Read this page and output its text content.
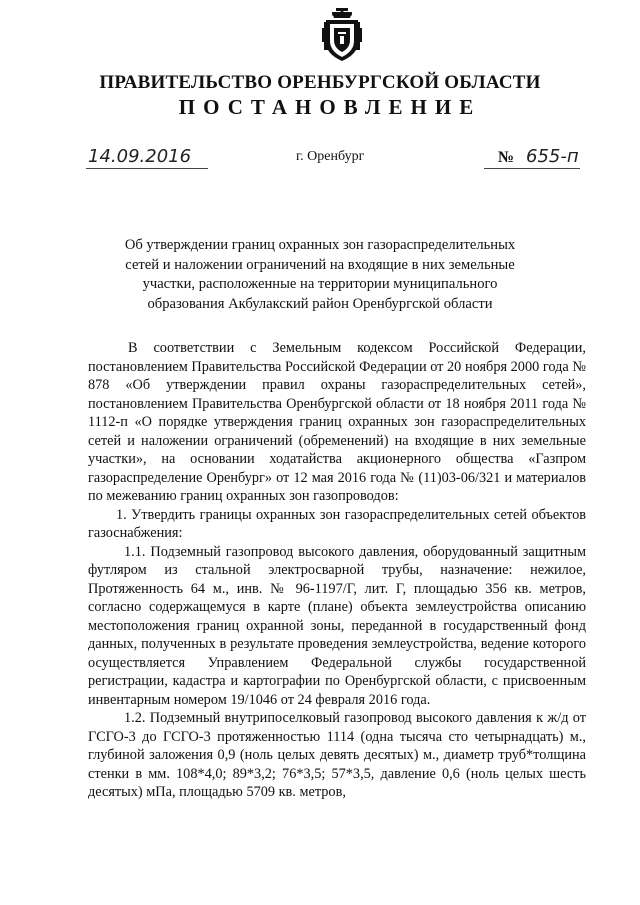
ПРАВИТЕЛЬСТВО ОРЕНБУРГСКОЙ ОБЛАСТИ
ПОСТАНОВЛЕНИЕ
14.09.2016	г. Оренбург	№ 655-п
Об утверждении границ охранных зон газораспределительных сетей и наложении ограничений на входящие в них земельные участки, расположенные на территории муниципального образования Акбулакский район Оренбургской области

В соответствии с Земельным кодексом Российской Федерации, постановлением Правительства Российской Федерации от 20 ноября 2000 года № 878 «Об утверждении правил охраны газораспределительных сетей», постановлением Правительства Оренбургской области от 18 ноября 2011 года № 1112-п «О порядке утверждения границ охранных зон газораспределительных сетей и наложении ограничений (обременений) на входящие в них земельные участки», на основании ходатайства акционерного общества «Газпром газораспределение Оренбург» от 12 мая 2016 года № (11)03-06/321 и материалов по межеванию границ охранных зон газопроводов:

1. Утвердить границы охранных зон газораспределительных сетей объектов газоснабжения:

1.1. Подземный газопровод высокого давления, оборудованный защитным футляром из стальной электросварной трубы, назначение: нежилое, Протяженность 64 м., инв. № 96-1197/Г, лит. Г, площадью 356 кв. метров, согласно содержащемуся в карте (плане) объекта землеустройства описанию местоположения границ охранной зоны, переданной в государственный фонд данных, полученных в результате проведения землеустройства, ведение которого осуществляется Управлением Федеральной службы государственной регистрации, кадастра и картографии по Оренбургской области, с присвоенным инвентарным номером 19/1046 от 24 февраля 2016 года.

1.2. Подземный внутрипоселковый газопровод высокого давления к ж/д от ГСГО-3 до ГСГО-3 протяженностью 1114 (одна тысяча сто четырнадцать) м., глубиной заложения 0,9 (ноль целых девять десятых) м., диаметр труб*толщина стенки в мм. 108*4,0; 89*3,2; 76*3,5; 57*3,5, давление 0,6 (ноль целых шесть десятых) мПа, площадью 5709 кв. метров,
